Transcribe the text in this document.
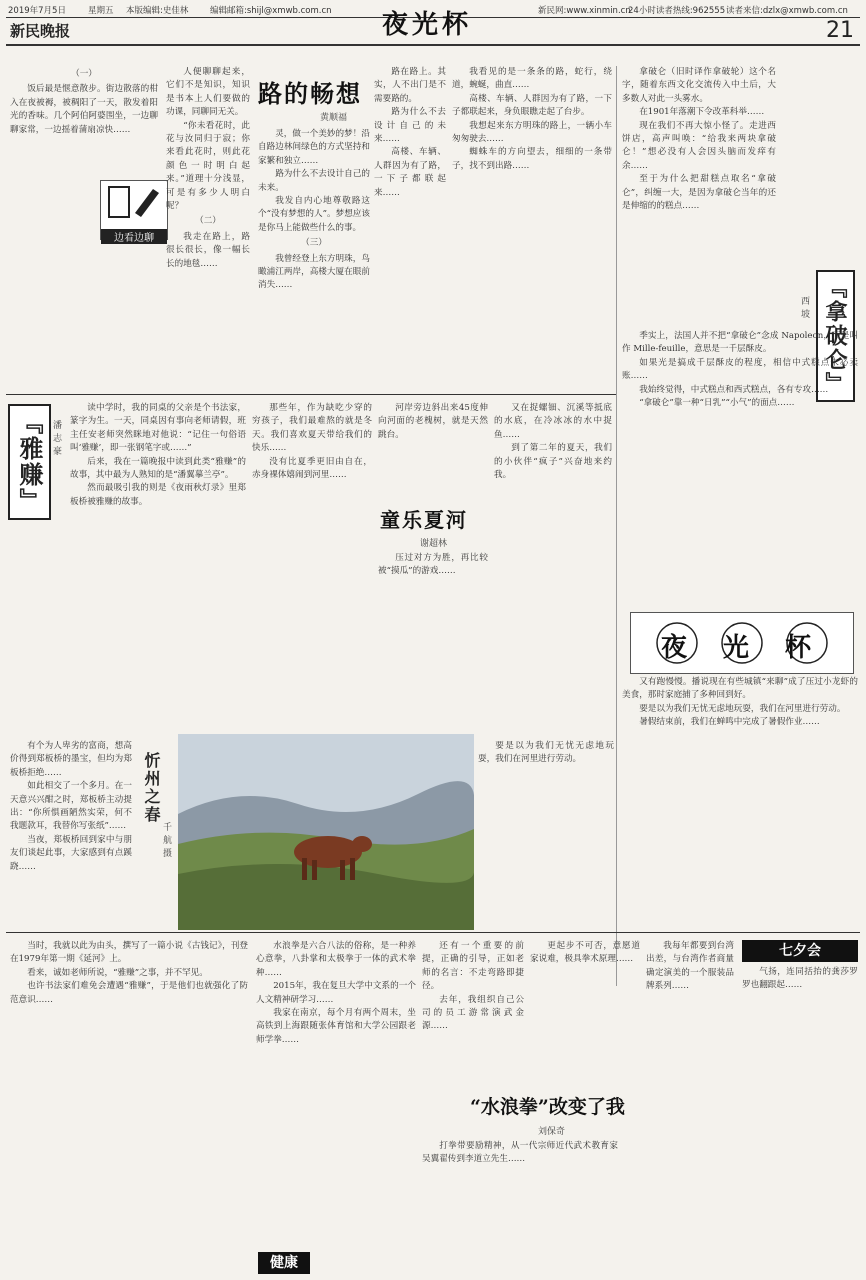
2019年7月5日	星期五 本版编辑:史佳林	编辑邮箱:shijl@xmwb.com.cn	新民网:www.xinmin.cn
24小时读者热线:962555 读者来信:dzlx@xmwb.com.cn
夜光杯
新民晚报	21

（一）

饭后最是惬意散步。街边散落的柑入在夜被褥，被稠阳了一天，散发着阳光的香味。几个阿伯阿婆围坐，一边聊聊家常，一边摇着蒲扇凉快……

边看边聊

人便聊聊起来，它们不是知识，知识是书本上人们要做的功课，同聊同无关。

“你未看花时，此花与汝同归于寂；你来看此花时，则此花颜色一时明白起来。”道理十分浅显，可是有多少人明白呢？

（二）

我走在路上，路很长很长，像一幅长长的地毯……

路的畅想
黄顺福

灵，做一个美妙的梦！沿自路边林间绿色的方式坚持和家繁和独立……

路为什么不去设计自己的未来。

我发自内心地尊敬路这个“没有梦想的人”。梦想应该是你马上能做些什么的事。

（三）

我曾经登上东方明珠，鸟瞰浦江两岸，高楼大厦在眼前消失……

路在路上。其实，人不出门是不需要路的。

路为什么不去设计自己的未来……

高楼、车辆、人群因为有了路，一下子都联起来……

我看见的是一条条的路，蛇行，绕道，蜿蜒，曲直……

高楼、车辆、人群因为有了路，一下子都联起来，身负眼瞧走起了台步。

我想起来东方明珠的路上，一辆小车匆匆驶去……

蜘蛛车的方向望去，细细的一条带子，找不到出路……

拿破仑（旧时译作拿破轮）这个名字，随着东西文化交流传入中土后，大多数人对此一头雾水。

在1901年落潮下令改革科举……

现在我们不再大惊小怪了。走进西饼店，高声叫唤：“给我来两块拿破仑！”想必没有人会因头脑而发痒有余……

至于为什么把甜糕点取名“拿破仑”，纠缠一大，是因为拿破仑当年的还是伸缩的的糕点……

『拿破仑』
西坡

季实上，法国人并不把“拿破仑”念成 Napoleon，而是叫作 Mille-feuille，意思是一千层酥皮。

如果光是搞成千层酥皮的程度，相信中式糕点未必卖账……

我始终觉得，中式糕点和西式糕点，各有专攻……

“拿破仑”靠一种“日乳”“小气”的面点……

夜光杯
『雅赚』 潘志豪

读中学时，我的同桌的父亲是个书法家，篆字为生。一天，同桌因有事向老师请假，班主任安老师突然眯地对他说：“记住一句俗语叫‘雅赚’，即一张钢笔字或……”

后来，我在一篇晚报中读到此类“雅赚”的故事，其中最为人熟知的是“潘翼摹兰亭”。

然而最吸引我的则是《夜雨秋灯录》里郑板桥被雅赚的故事。

有个为人卑劣的富商，想高价得到郑板桥的墨宝，但均为郑板桥拒绝……

如此相交了一个多月。在一天意兴兴酣之时，郑板桥主动提出：“你所惧画陋然实荣，何不我题款耳，我替你写张纸”……

当夜，郑板桥回到家中与朋友们谈起此事，大家感到有点蹊跷……

忻州之春
千航摄

那些年，作为缺吃少穿的穷孩子，我们最难熬的就是冬天。我们喜欢夏天带给我们的快乐……

没有比夏季更旧由自在，赤身裸体嬉闹到河里……

河岸旁边斜出来45度伸向河面的老槐树，就是天然跳台。

童乐夏河
谢超林

压过对方为胜，再比较被“摸瓜”的游戏……

又在捉螺钿、沉溪等抵底的水底，在冷冰冰的水中捉鱼……

到了第二年的夏天，我们的小伙伴“疯子”兴奋地来约我。

又有跑慢慢。播说现在有些城镇“来聊”成了压过小龙虾的美食，那时家庭捕了多种回到好。

要是以为我们无忧无虑地玩耍，我们在河里进行劳动。

暑假结束前，我们在蝉鸣中完成了暑假作业……

要是以为我们无忧无虑地玩耍，我们在河里进行劳动。

当时，我就以此为由头，撰写了一篇小说《古钱记》，刊登在1979年第一期《延河》上。

看来，诚如老师所说，“雅赚”之事，并不罕见。

也许书法家们难免会遭遇“雅赚”，于是他们也就强化了防范意识……

水浪拳是六合八法的俗称，是一种养心意拳，八卦掌和太极拳于一体的武术拳种……

2015年，我在复旦大学中文系的一个人文精神研学习……

我家在南京，每个月有两个周末，坐高铁到上海跟随张体育馆和大学公园跟老师学拳……

健康

还有一个重要的前提，正确的引导，正如老师的名言：不走弯路即捷径。

去年，我组织自己公司的员工游常演武金源……

“水浪拳”改变了我
刘保奇

打拳带要励精神，从一代宗师近代武术教育家吴翼翟传到李道立先生……

更起步不可否，意愿道家说难，极具拳术原理……

我每年都要到台湾出差，与台湾作者商量确定演美的一个服装品牌系列……

七夕会

气扬，连同括抬的龚莎罗罗也翻跟起……
